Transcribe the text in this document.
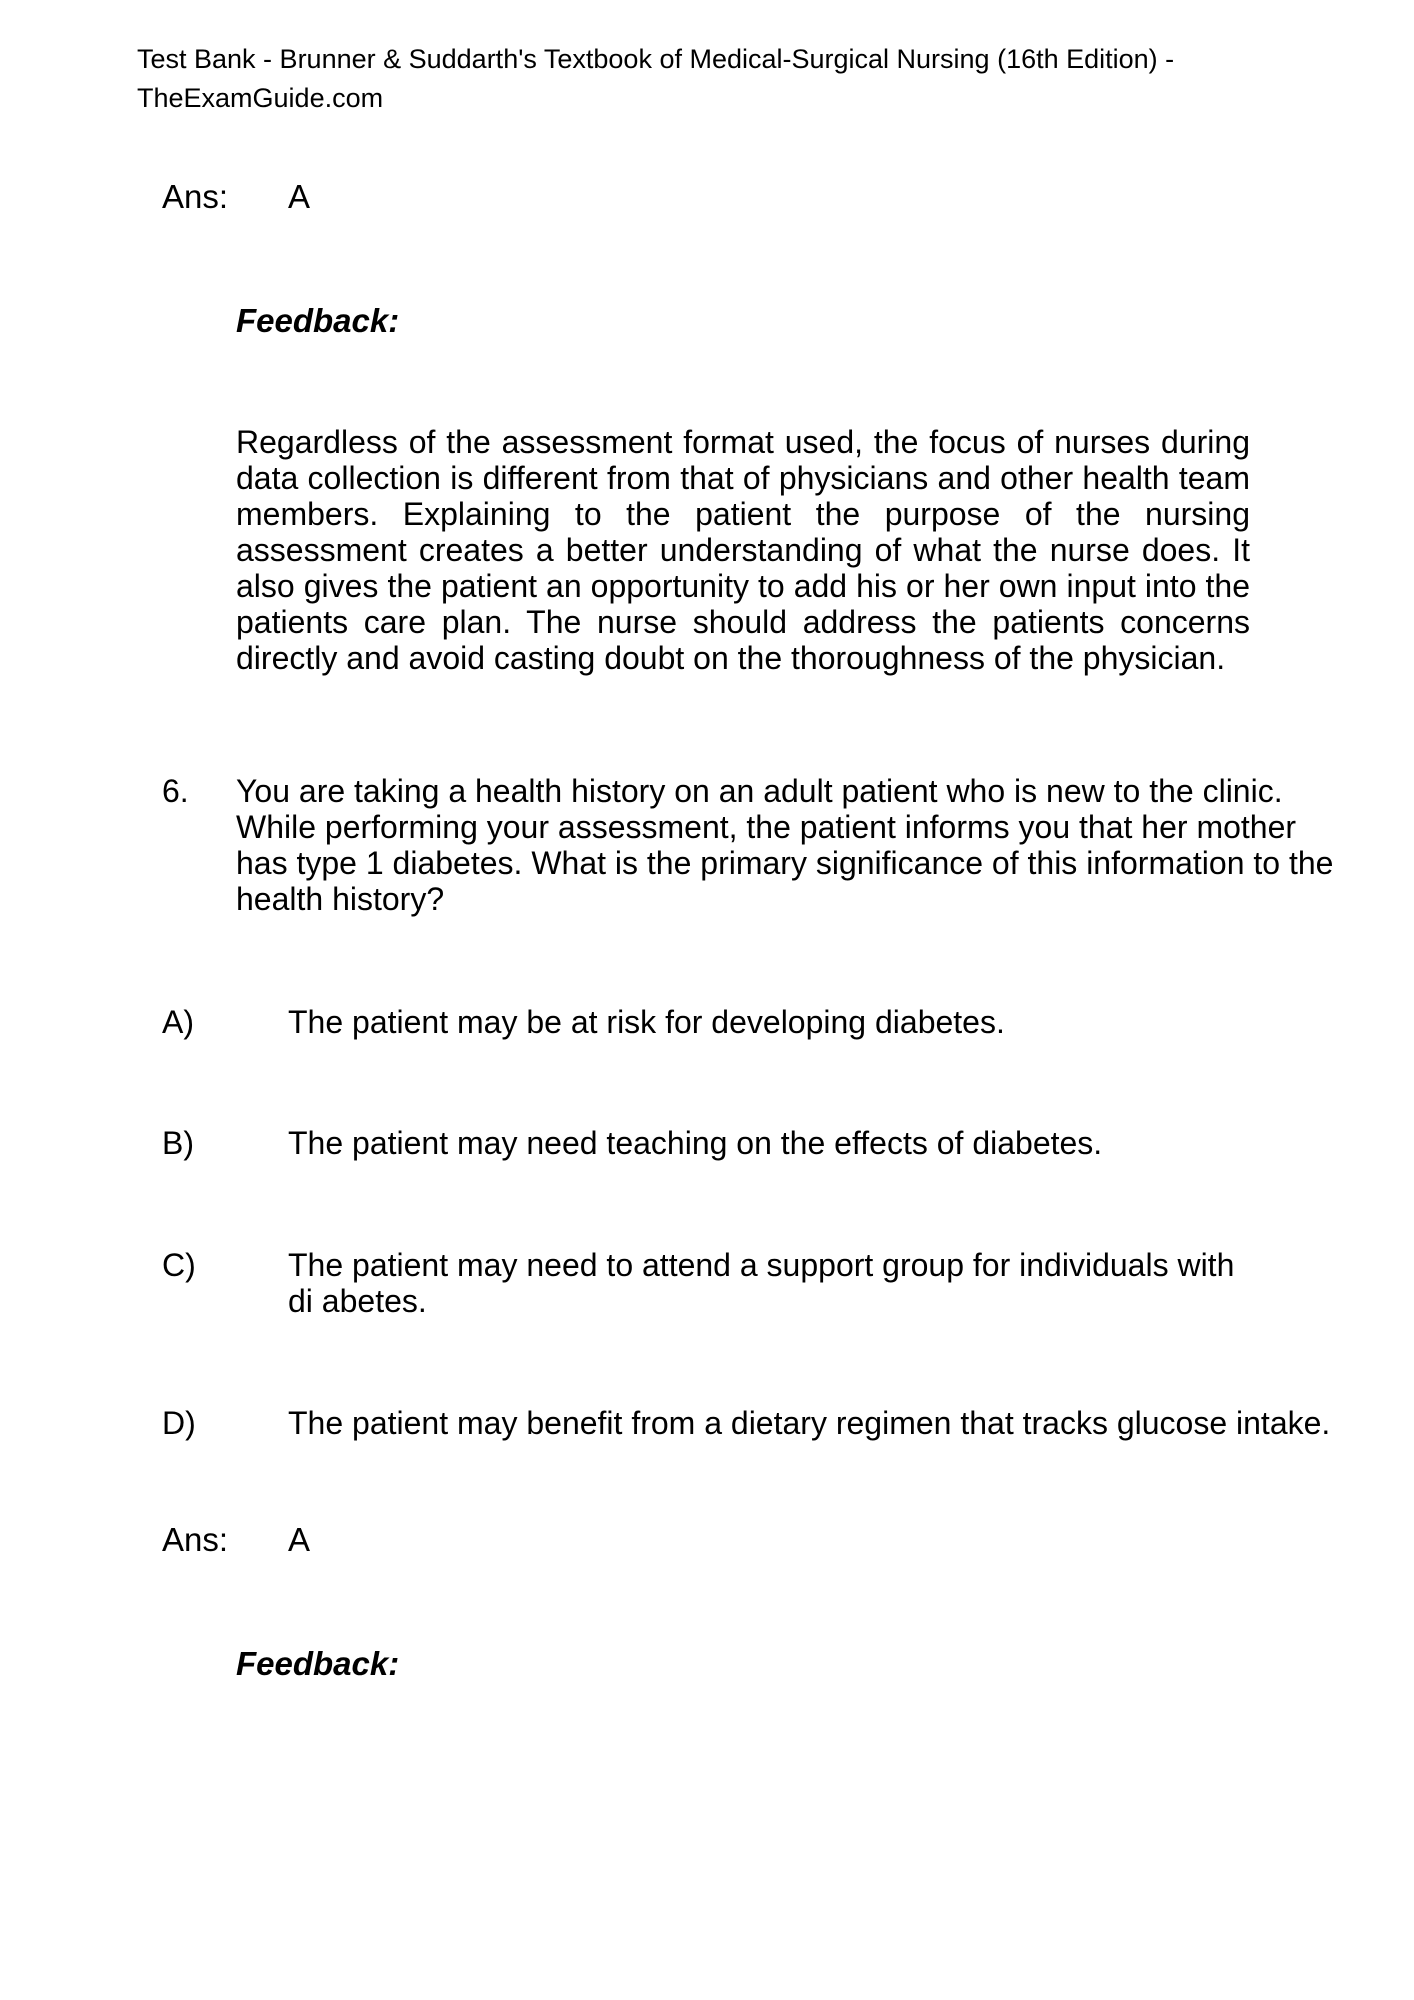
Test Bank - Brunner & Suddarth's Textbook of Medical-Surgical Nursing (16th Edition) -
TheExamGuide.com
Ans: A
Feedback:
Regardless of the assessment format used, the focus of nurses during data collection is different from that of physicians and other health team members. Explaining to the patient the purpose of the nursing assessment creates a better understanding of what the nurse does. It also gives the patient an opportunity to add his or her own input into the patients care plan. The nurse should address the patients concerns directly and avoid casting doubt on the thoroughness of the physician.
6. You are taking a health history on an adult patient who is new to the clinic.
While performing your assessment, the patient informs you that her mother
has type 1 diabetes. What is the primary significance of this information to the
health history?
A)	The patient may be at risk for developing diabetes.
B)	The patient may need teaching on the effects of diabetes.
C)	The patient may need to attend a support group for individuals with
di abetes.
D)	The patient may benefit from a dietary regimen that tracks glucose intake.
Ans: A
Feedback:
